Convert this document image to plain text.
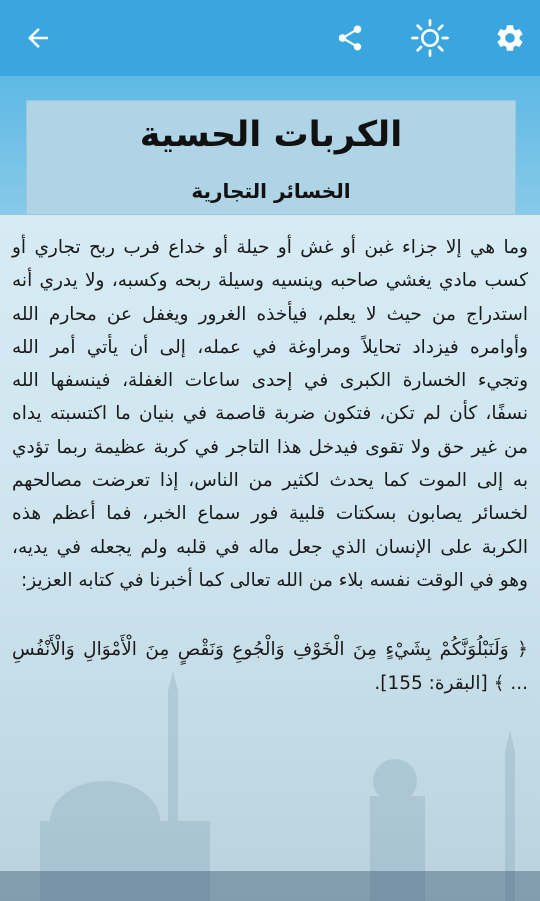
الكربات الحسية
الخسائر التجارية

وما هي إلا جزاء غبن أو غش أو حيلة أو خداع فرب ربح تجاري أو كسب مادي يغشي صاحبه وينسيه وسيلة ربحه وكسبه، ولا يدري أنه استدراج من حيث لا يعلم، فيأخذه الغرور ويغفل عن محارم الله وأوامره فيزداد تحايلاً ومراوغة في عمله، إلى أن يأتي أمر الله وتجيء الخسارة الكبرى في إحدى ساعات الغفلة، فينسفها الله نسفًا، كأن لم تكن، فتكون ضربة قاصمة في بنيان ما اكتسبته يداه من غير حق ولا تقوى فيدخل هذا التاجر في كربة عظيمة ربما تؤدي به إلى الموت كما يحدث لكثير من الناس، إذا تعرضت مصالحهم لخسائر يصابون بسكتات قلبية فور سماع الخبر، فما أعظم هذه الكربة على الإنسان الذي جعل ماله في قلبه ولم يجعله في يديه، وهو في الوقت نفسه بلاء من الله تعالى كما أخبرنا في كتابه العزيز:

﴿ وَلَنَبْلُوَنَّكُمْ بِشَيْءٍ مِنَ الْخَوْفِ وَالْجُوعِ وَنَقْصٍ مِنَ الْأَمْوَالِ وَالْأَنْفُسِ ... ﴾ [البقرة: 155].
